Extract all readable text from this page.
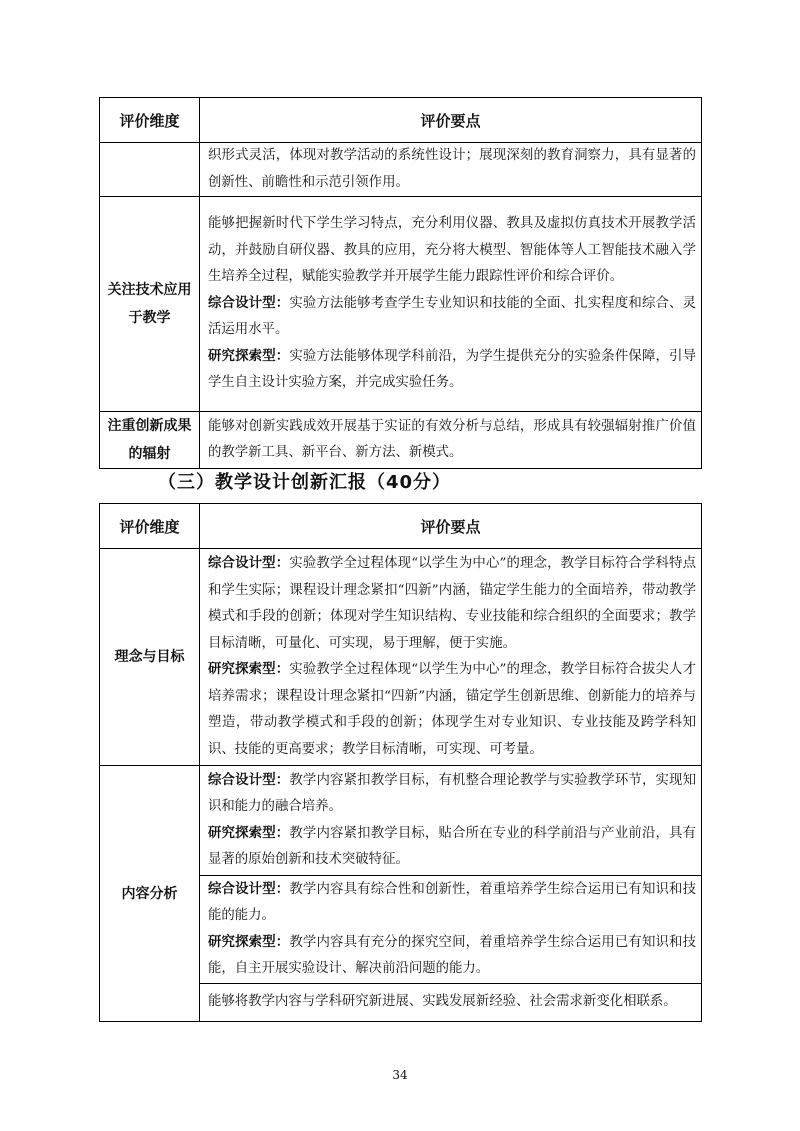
评价维度	评价要点

	织形式灵活，体现对教学活动的系统性设计；展现深刻的教育洞察力，具有显著的创新性、前瞻性和示范引领作用。

关注技术应用于教学	能够把握新时代下学生学习特点，充分利用仪器、教具及虚拟仿真技术开展教学活动，并鼓励自研仪器、教具的应用，充分将大模型、智能体等人工智能技术融入学生培养全过程，赋能实验教学并开展学生能力跟踪性评价和综合评价。

综合设计型：实验方法能够考查学生专业知识和技能的全面、扎实程度和综合、灵活运用水平。

研究探索型：实验方法能够体现学科前沿，为学生提供充分的实验条件保障，引导学生自主设计实验方案，并完成实验任务。

注重创新成果的辐射	能够对创新实践成效开展基于实证的有效分析与总结，形成具有较强辐射推广价值的教学新工具、新平台、新方法、新模式。

（三）教学设计创新汇报（40分）
评价维度	评价要点
理念与目标	综合设计型：实验教学全过程体现“以学生为中心”的理念，教学目标符合学科特点和学生实际；课程设计理念紧扣“四新”内涵，锚定学生能力的全面培养，带动教学模式和手段的创新；体现对学生知识结构、专业技能和综合组织的全面要求；教学目标清晰，可量化、可实现，易于理解，便于实施。

研究探索型：实验教学全过程体现“以学生为中心”的理念，教学目标符合拔尖人才培养需求；课程设计理念紧扣“四新”内涵，锚定学生创新思维、创新能力的培养与塑造，带动教学模式和手段的创新；体现学生对专业知识、专业技能及跨学科知识、技能的更高要求；教学目标清晰，可实现、可考量。

内容分析	综合设计型：教学内容紧扣教学目标，有机整合理论教学与实验教学环节，实现知识和能力的融合培养。

研究探索型：教学内容紧扣教学目标，贴合所在专业的科学前沿与产业前沿，具有显著的原始创新和技术突破特征。

	综合设计型：教学内容具有综合性和创新性，着重培养学生综合运用已有知识和技能的能力。

研究探索型：教学内容具有充分的探究空间，着重培养学生综合运用已有知识和技能，自主开展实验设计、解决前沿问题的能力。

	能够将教学内容与学科研究新进展、实践发展新经验、社会需求新变化相联系。

34
